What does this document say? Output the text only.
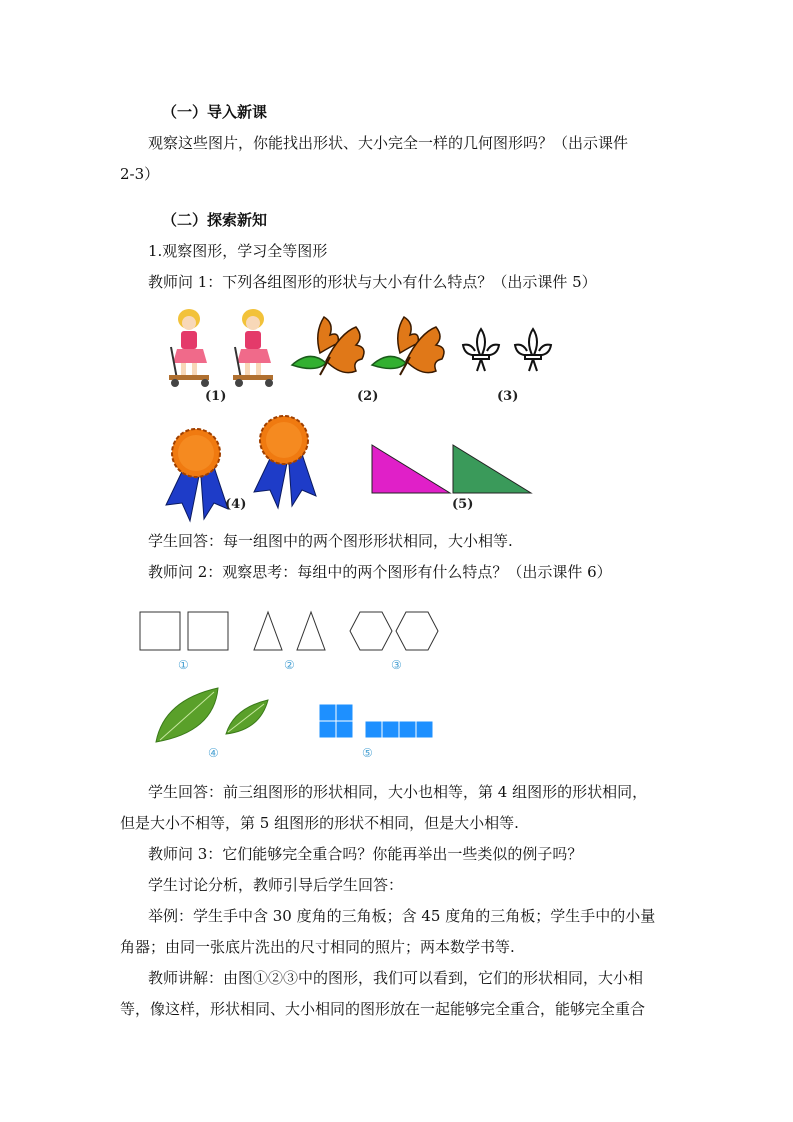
（一）导入新课
观察这些图片，你能找出形状、大小完全一样的几何图形吗？（出示课件
2-3）
（二）探索新知
1.观察图形，学习全等图形
教师问 1：下列各组图形的形状与大小有什么特点？（出示课件 5）
(1)	(2)	(3)
(4)	(5)
学生回答：每一组图中的两个图形形状相同，大小相等.
教师问 2：观察思考：每组中的两个图形有什么特点？（出示课件 6）
①	②	③
④	⑤
学生回答：前三组图形的形状相同，大小也相等，第 4 组图形的形状相同，
但是大小不相等，第 5 组图形的形状不相同，但是大小相等.
教师问 3：它们能够完全重合吗？你能再举出一些类似的例子吗？
学生讨论分析，教师引导后学生回答：
举例：学生手中含 30 度角的三角板；含 45 度角的三角板；学生手中的小量
角器；由同一张底片洗出的尺寸相同的照片；两本数学书等.
教师讲解：由图①②③中的图形，我们可以看到，它们的形状相同，大小相
等，像这样，形状相同、大小相同的图形放在一起能够完全重合，能够完全重合
